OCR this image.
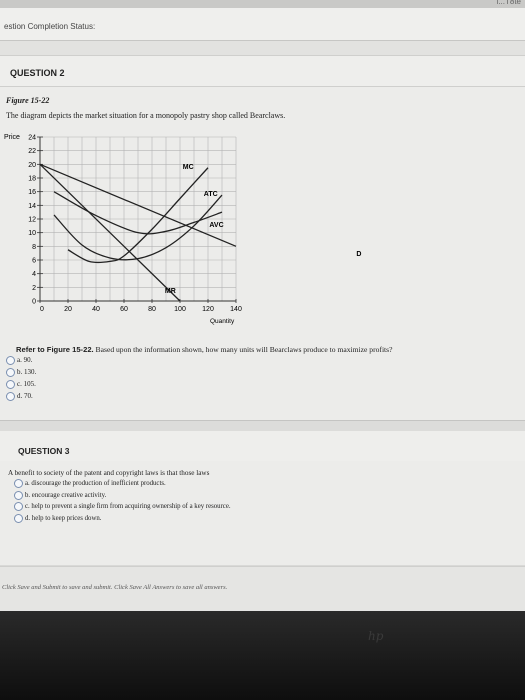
l...T8te
estion Completion Status:
QUESTION 2
Figure 15-22
The diagram depicts the market situation for a monopoly pastry shop called Bearclaws.
Price
Quantity
0
2
4
6
8
10
12
14
16
18
20
22
24
0	20	40	60	80	100 120 140
MC
ATC
AVC
D
MR
Refer to Figure 15-22. Based upon the information shown, how many units will Bearclaws produce to maximize profits?
a. 90.
b. 130.
c. 105.
d. 70.
QUESTION 3
A benefit to society of the patent and copyright laws is that those laws
a. discourage the production of inefficient products.
b. encourage creative activity.
c. help to prevent a single firm from acquiring ownership of a key resource.
d. help to keep prices down.
Click Save and Submit to save and submit. Click Save All Answers to save all answers.
hp
